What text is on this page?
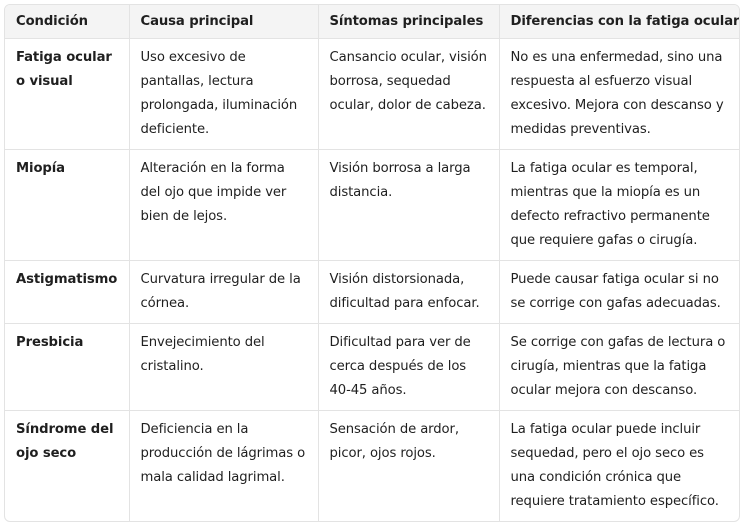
Condición	Causa principal	Síntomas principales	Diferencias con la fatiga ocular
Fatiga ocular o visual	Uso excesivo de pantallas, lectura prolongada, iluminación deficiente.	Cansancio ocular, visión borrosa, sequedad ocular, dolor de cabeza.	No es una enfermedad, sino una respuesta al esfuerzo visual excesivo. Mejora con descanso y medidas preventivas.
Miopía	Alteración en la forma del ojo que impide ver bien de lejos.	Visión borrosa a larga distancia.	La fatiga ocular es temporal, mientras que la miopía es un defecto refractivo permanente que requiere gafas o cirugía.
Astigmatismo	Curvatura irregular de la córnea.	Visión distorsionada, dificultad para enfocar.	Puede causar fatiga ocular si no se corrige con gafas adecuadas.
Presbicia	Envejecimiento del cristalino.	Dificultad para ver de cerca después de los 40-45 años.	Se corrige con gafas de lectura o cirugía, mientras que la fatiga ocular mejora con descanso.
Síndrome del ojo seco	Deficiencia en la producción de lágrimas o mala calidad lagrimal.	Sensación de ardor, picor, ojos rojos.	La fatiga ocular puede incluir sequedad, pero el ojo seco es una condición crónica que requiere tratamiento específico.
